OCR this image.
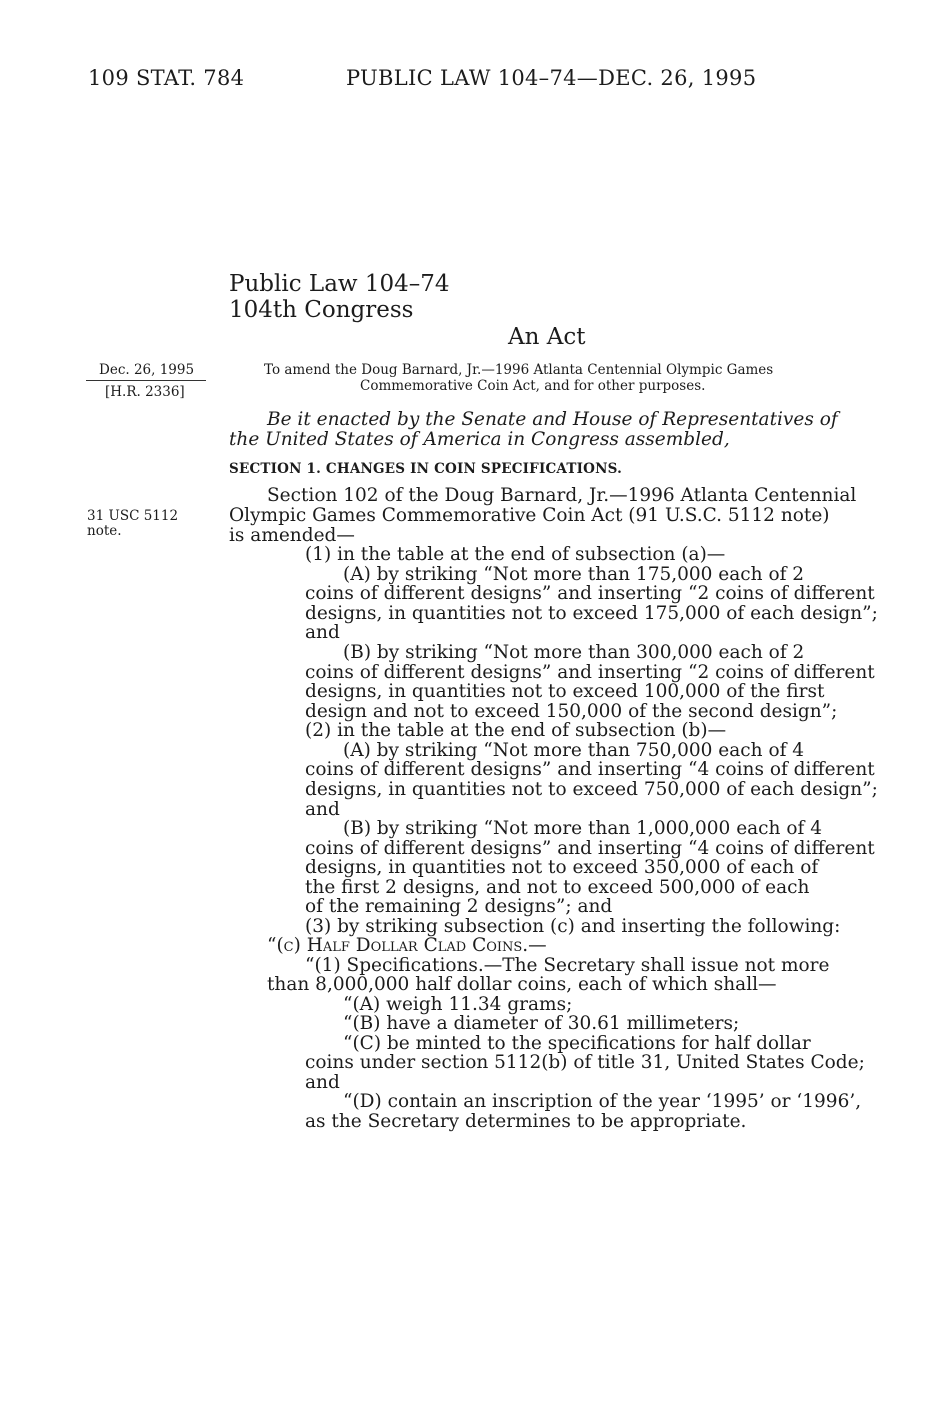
109 STAT. 784	PUBLIC LAW 104–74—DEC. 26, 1995
Public Law 104–74
104th Congress
An Act
Dec. 26, 1995
[H.R. 2336]
31 USC 5112
note.
To amend the Doug Barnard, Jr.—1996 Atlanta Centennial Olympic Games
Commemorative Coin Act, and for other purposes.
Be it enacted by the Senate and House of Representatives of
the United States of America in Congress assembled,
SECTION 1. CHANGES IN COIN SPECIFICATIONS.
Section 102 of the Doug Barnard, Jr.—1996 Atlanta Centennial
Olympic Games Commemorative Coin Act (91 U.S.C. 5112 note)
is amended—
(1) in the table at the end of subsection (a)—
(A) by striking “Not more than 175,000 each of 2
coins of different designs” and inserting “2 coins of different
designs, in quantities not to exceed 175,000 of each design”;
and
(B) by striking “Not more than 300,000 each of 2
coins of different designs” and inserting “2 coins of different
designs, in quantities not to exceed 100,000 of the first
design and not to exceed 150,000 of the second design”;
(2) in the table at the end of subsection (b)—
(A) by striking “Not more than 750,000 each of 4
coins of different designs” and inserting “4 coins of different
designs, in quantities not to exceed 750,000 of each design”;
and
(B) by striking “Not more than 1,000,000 each of 4
coins of different designs” and inserting “4 coins of different
designs, in quantities not to exceed 350,000 of each of
the first 2 designs, and not to exceed 500,000 of each
of the remaining 2 designs”; and
(3) by striking subsection (c) and inserting the following:
“(c) Half Dollar Clad Coins.—
“(1) Specifications.—The Secretary shall issue not more
than 8,000,000 half dollar coins, each of which shall—
“(A) weigh 11.34 grams;
“(B) have a diameter of 30.61 millimeters;
“(C) be minted to the specifications for half dollar
coins under section 5112(b) of title 31, United States Code;
and
“(D) contain an inscription of the year ‘1995’ or ‘1996’,
as the Secretary determines to be appropriate.
